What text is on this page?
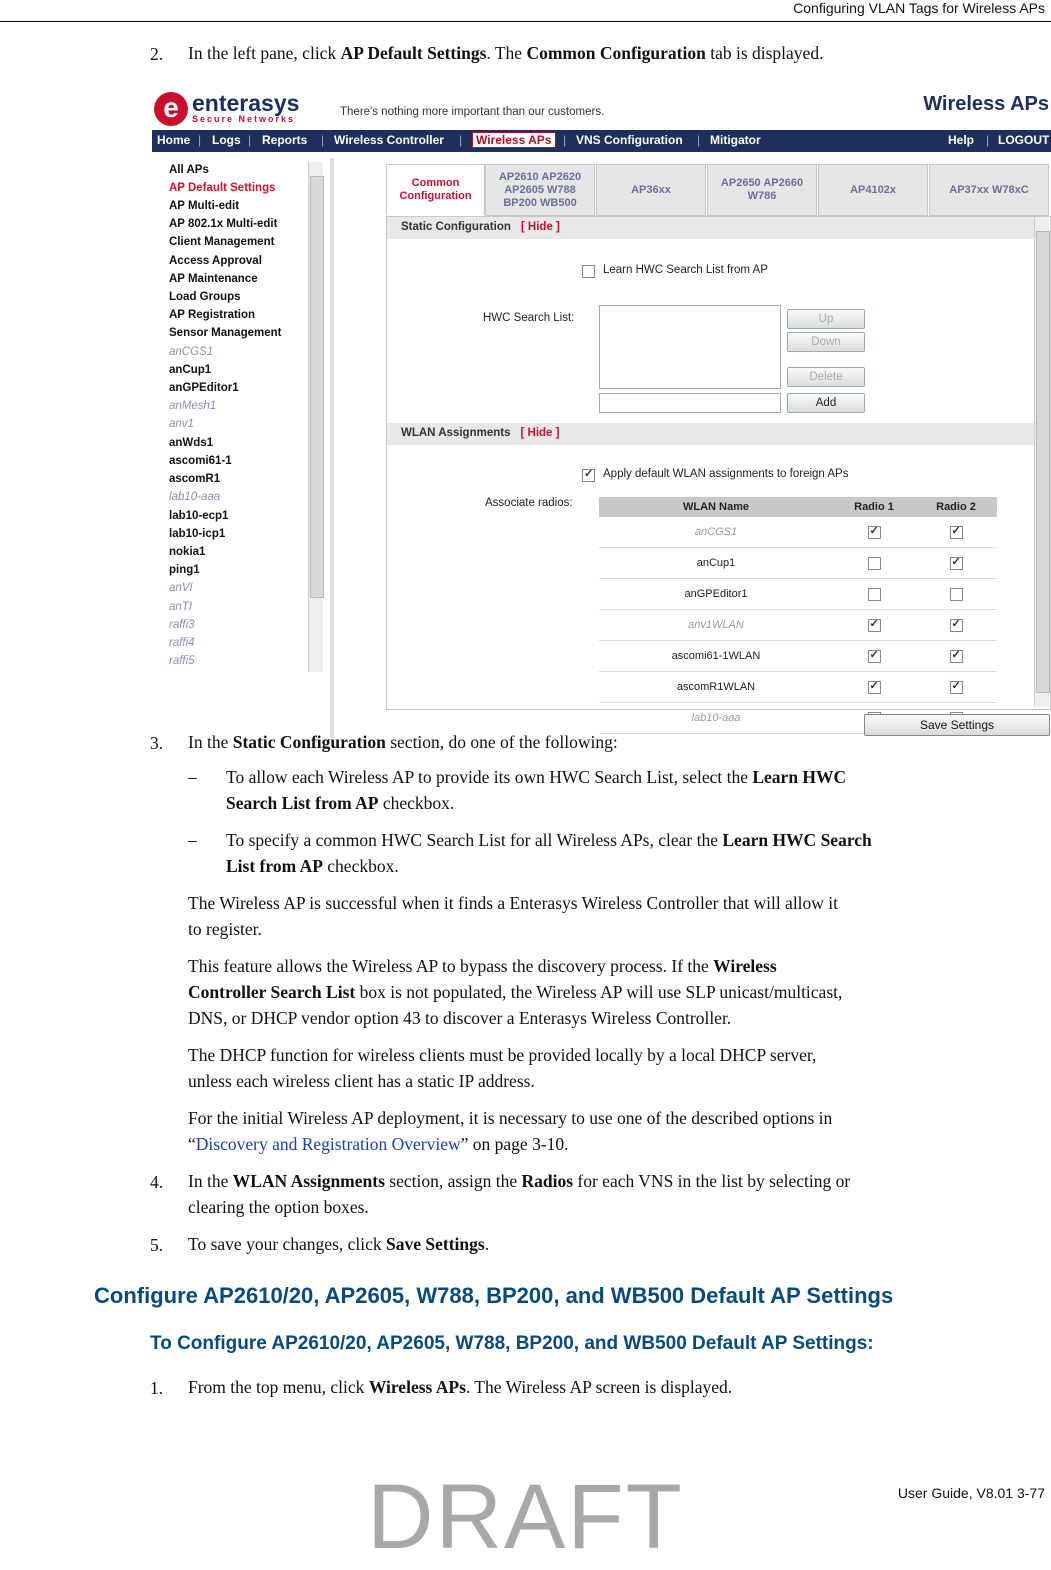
Configuring VLAN Tags for Wireless APs
2. In the left pane, click AP Default Settings. The Common Configuration tab is displayed.
e enterasys
Secure Networks
There's nothing more important than our customers.	Wireless APs
Home | Logs | Reports | Wireless Controller |	Wireless APs | VNS Configuration | Mitigator	Help | LOGOUT
All APs
AP Default Settings
AP Multi-edit
AP 802.1x Multi-edit
Client Management
Access Approval
AP Maintenance
Load Groups
AP Registration
Sensor Management
anCGS1
anCup1
anGPEditor1
anMesh1
anv1
anWds1
ascomi61-1
ascomR1
lab10-aaa
lab10-ecp1
lab10-icp1
nokia1
ping1
anVI
anTI
raffi3
raffi4
raffi5
Common
Configuration
AP2610 AP2620
AP2605 W788
BP200 WB500
AP36xx
AP2650 AP2660
W786
AP4102x	AP37xx W78xC
Static Configuration [ Hide ]
Learn HWC Search List from AP
HWC Search List:	Up
Down
Delete
Add
WLAN Assignments [ Hide ]
✓
Apply default WLAN assignments to foreign APs
Associate radios:	WLAN Name	Radio 1	Radio 2
anCGS1	✓	✓
anCup1		✓
anGPEditor1		
anv1WLAN	✓	✓
ascomi61-1WLAN	✓	✓
ascomR1WLAN	✓	✓
lab10-aaa			Save Settings
3. In the Static Configuration section, do one of the following:
– To allow each Wireless AP to provide its own HWC Search List, select the Learn HWC
Search List from AP checkbox.
– To specify a common HWC Search List for all Wireless APs, clear the Learn HWC Search
List from AP checkbox.
The Wireless AP is successful when it finds a Enterasys Wireless Controller that will allow it
to register.
This feature allows the Wireless AP to bypass the discovery process. If the Wireless
Controller Search List box is not populated, the Wireless AP will use SLP unicast/multicast,
DNS, or DHCP vendor option 43 to discover a Enterasys Wireless Controller.
The DHCP function for wireless clients must be provided locally by a local DHCP server,
unless each wireless client has a static IP address.
For the initial Wireless AP deployment, it is necessary to use one of the described options in
“Discovery and Registration Overview” on page 3-10.
4. In the WLAN Assignments section, assign the Radios for each VNS in the list by selecting or
clearing the option boxes.
5. To save your changes, click Save Settings.
Configure AP2610/20, AP2605, W788, BP200, and WB500 Default AP Settings
To Configure AP2610/20, AP2605, W788, BP200, and WB500 Default AP Settings:
1. From the top menu, click Wireless APs. The Wireless AP screen is displayed.
DRAFT	User Guide, V8.01 3-77
